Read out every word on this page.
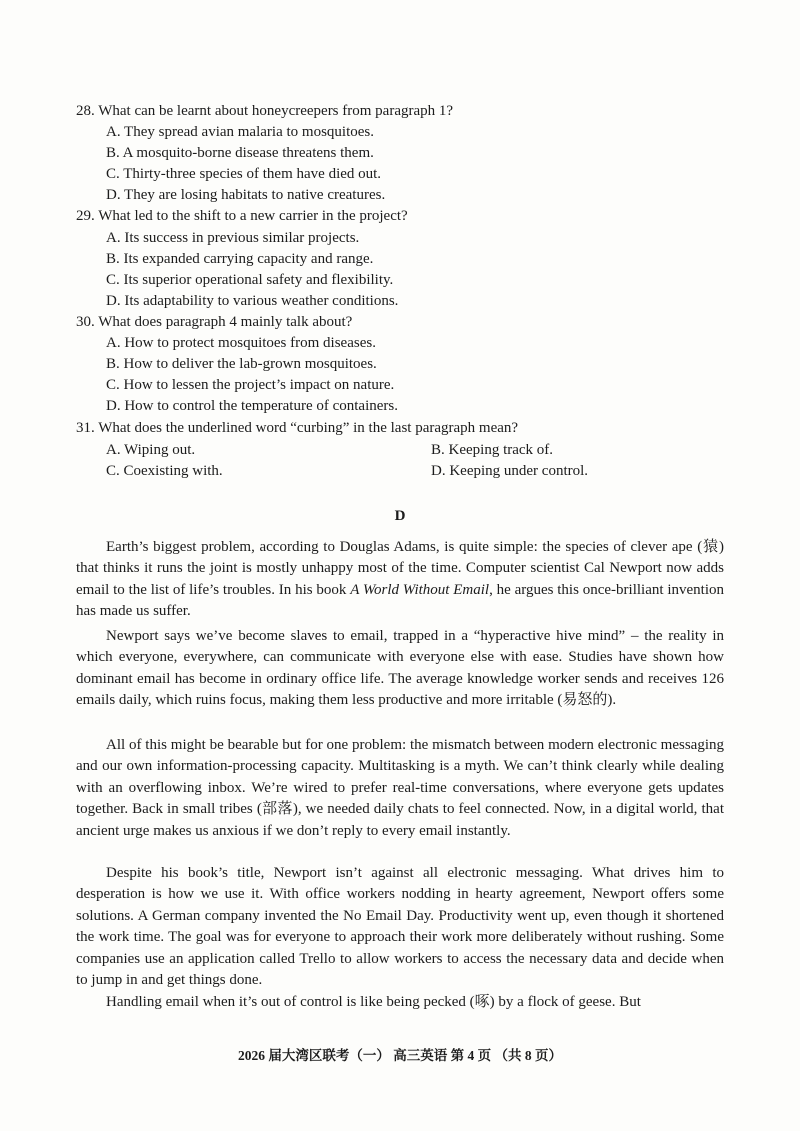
28. What can be learnt about honeycreepers from paragraph 1?
A. They spread avian malaria to mosquitoes.
B. A mosquito-borne disease threatens them.
C. Thirty-three species of them have died out.
D. They are losing habitats to native creatures.
29. What led to the shift to a new carrier in the project?
A. Its success in previous similar projects.
B. Its expanded carrying capacity and range.
C. Its superior operational safety and flexibility.
D. Its adaptability to various weather conditions.
30. What does paragraph 4 mainly talk about?
A. How to protect mosquitoes from diseases.
B. How to deliver the lab-grown mosquitoes.
C. How to lessen the project’s impact on nature.
D. How to control the temperature of containers.
31. What does the underlined word “curbing” in the last paragraph mean?
A. Wiping out.	B. Keeping track of.
C. Coexisting with.	D. Keeping under control.
D

Earth’s biggest problem, according to Douglas Adams, is quite simple: the species of clever ape (猿) that thinks it runs the joint is mostly unhappy most of the time. Computer scientist Cal Newport now adds email to the list of life’s troubles. In his book A World Without Email, he argues this once-brilliant invention has made us suffer.

Newport says we’ve become slaves to email, trapped in a “hyperactive hive mind” – the reality in which everyone, everywhere, can communicate with everyone else with ease. Studies have shown how dominant email has become in ordinary office life. The average knowledge worker sends and receives 126 emails daily, which ruins focus, making them less productive and more irritable (易怒的).

All of this might be bearable but for one problem: the mismatch between modern electronic messaging and our own information-processing capacity. Multitasking is a myth. We can’t think clearly while dealing with an overflowing inbox. We’re wired to prefer real-time conversations, where everyone gets updates together. Back in small tribes (部落), we needed daily chats to feel connected. Now, in a digital world, that ancient urge makes us anxious if we don’t reply to every email instantly.

Despite his book’s title, Newport isn’t against all electronic messaging. What drives him to desperation is how we use it. With office workers nodding in hearty agreement, Newport offers some solutions. A German company invented the No Email Day. Productivity went up, even though it shortened the work time. The goal was for everyone to approach their work more deliberately without rushing. Some companies use an application called Trello to allow workers to access the necessary data and decide when to jump in and get things done.

Handling email when it’s out of control is like being pecked (啄) by a flock of geese. But

2026 届大湾区联考（一） 高三英语 第 4 页 （共 8 页）
